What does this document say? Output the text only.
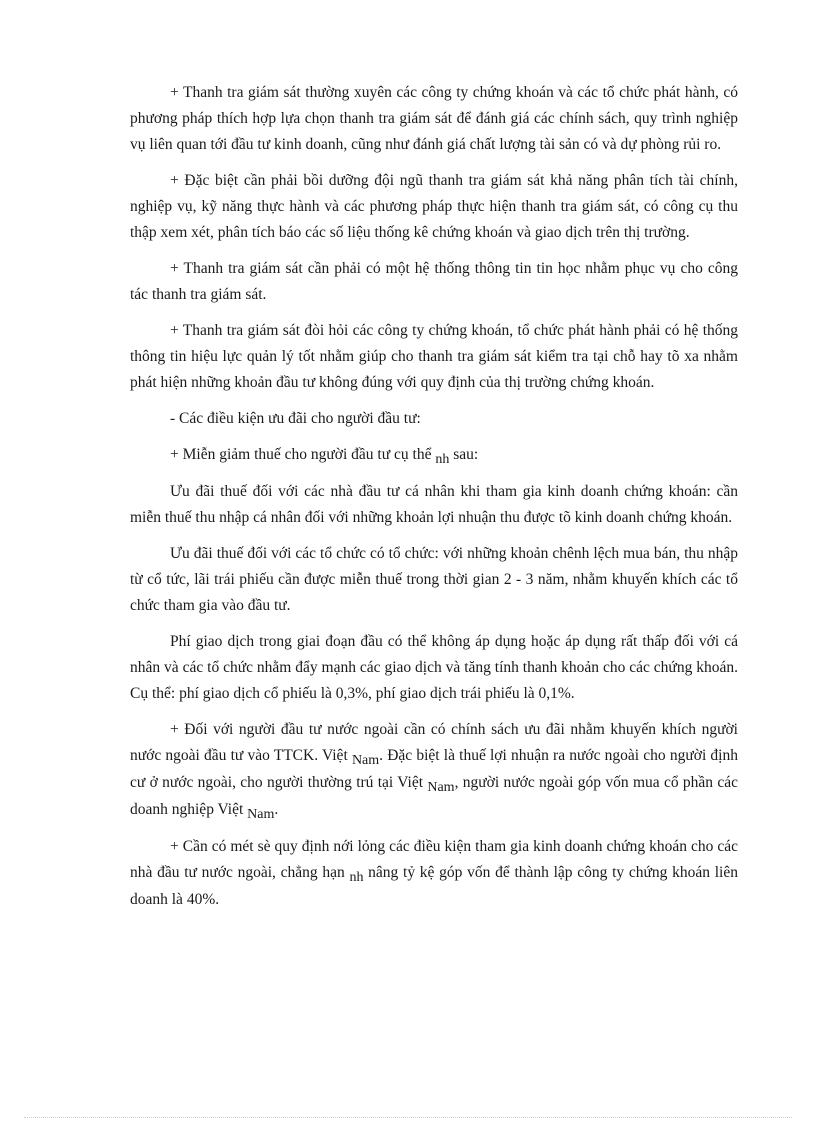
+ Thanh tra giám sát thường xuyên các công ty chứng khoán và các tổ chức phát hành, có phương pháp thích hợp lựa chọn thanh tra giám sát để đánh giá các chính sách, quy trình nghiệp vụ liên quan tới đầu tư kinh doanh, cũng như đánh giá chất lượng tài sản có và dự phòng rủi ro.

+ Đặc biệt cần phải bồi dưỡng đội ngũ thanh tra giám sát khả năng phân tích tài chính, nghiệp vụ, kỹ năng thực hành và các phương pháp thực hiện thanh tra giám sát, có công cụ thu thập xem xét, phân tích báo các số liệu thống kê chứng khoán và giao dịch trên thị trường.

+ Thanh tra giám sát cần phải có một hệ thống thông tin tin học nhằm phục vụ cho công tác thanh tra giám sát.

+ Thanh tra giám sát đòi hỏi các công ty chứng khoán, tổ chức phát hành phải có hệ thống thông tin hiệu lực quản lý tốt nhằm giúp cho thanh tra giám sát kiểm tra tại chỗ hay tõ xa nhằm phát hiện những khoản đầu tư không đúng với quy định của thị trường chứng khoán.

- Các điều kiện ưu đãi cho người đầu tư:

+ Miễn giảm thuế cho người đầu tư cụ thể nh sau:

Ưu đãi thuế đối với các nhà đầu tư cá nhân khi tham gia kinh doanh chứng khoán: cần miễn thuế thu nhập cá nhân đối với những khoản lợi nhuận thu được tõ kinh doanh chứng khoán.

Ưu đãi thuế đối với các tổ chức có tổ chức: với những khoản chênh lệch mua bán, thu nhập từ cổ tức, lãi trái phiếu cần được miễn thuế trong thời gian 2 - 3 năm, nhằm khuyến khích các tổ chức tham gia vào đầu tư.

Phí giao dịch trong giai đoạn đầu có thể không áp dụng hoặc áp dụng rất thấp đối với cá nhân và các tổ chức nhằm đẩy mạnh các giao dịch và tăng tính thanh khoản cho các chứng khoán. Cụ thể: phí giao dịch cổ phiếu là 0,3%, phí giao dịch trái phiếu là 0,1%.

+ Đối với người đầu tư nước ngoài cần có chính sách ưu đãi nhằm khuyến khích người nước ngoài đầu tư vào TTCK. Việt Nam. Đặc biệt là thuế lợi nhuận ra nước ngoài cho người định cư ở nước ngoài, cho người thường trú tại Việt Nam, người nước ngoài góp vốn mua cổ phần các doanh nghiệp Việt Nam.

+ Cần có mét sè quy định nới lỏng các điều kiện tham gia kinh doanh chứng khoán cho các nhà đầu tư nước ngoài, chẳng hạn nh nâng tỷ kệ góp vốn để thành lập công ty chứng khoán liên doanh là 40%.
